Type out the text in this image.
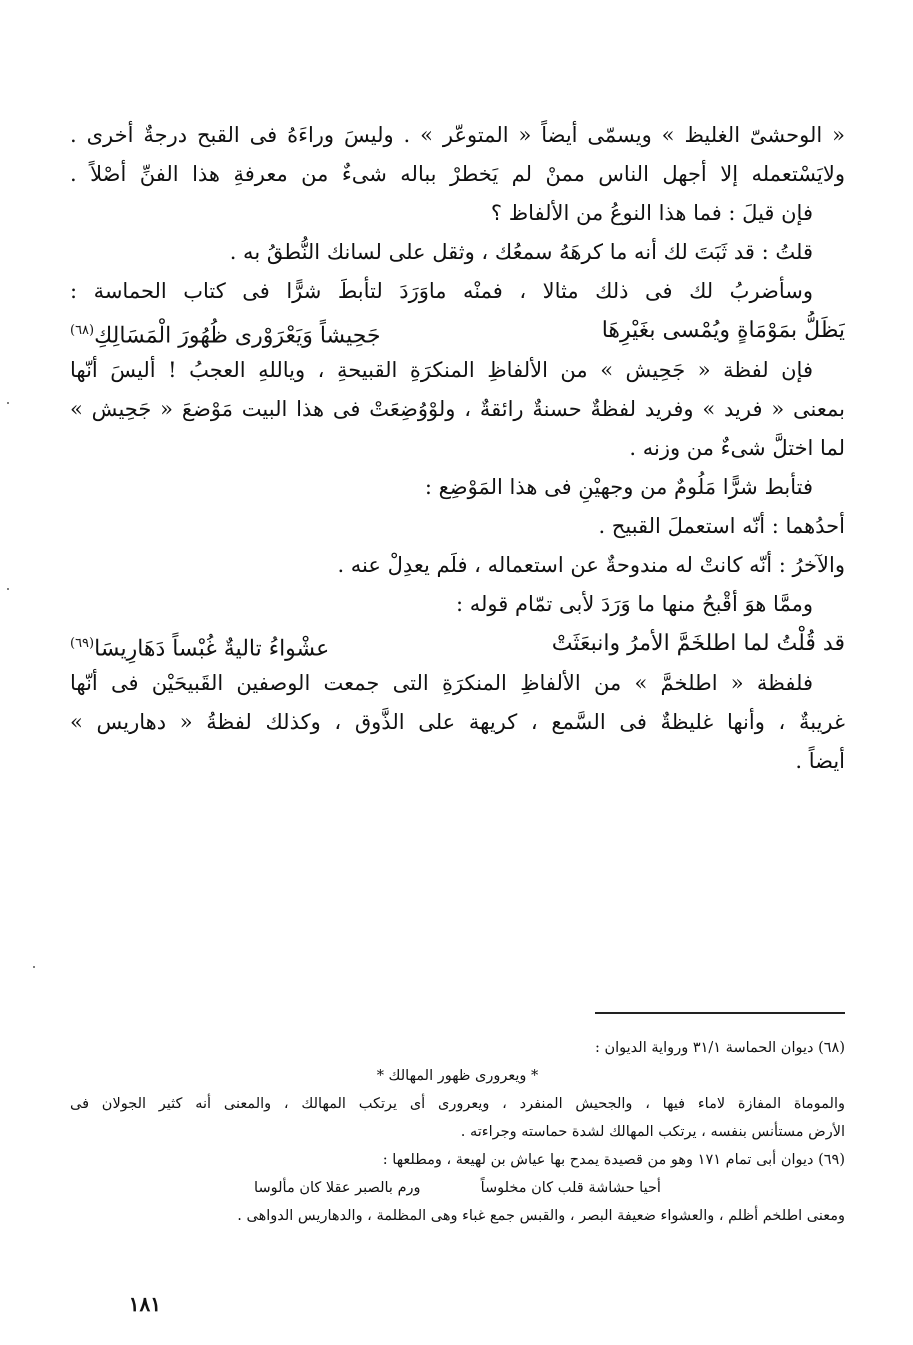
« الوحشىّ الغليظ » ويسمّى أيضاً « المتوعّر » . وليسَ وراءَهُ فى القبح درجةٌ أخرى .
ولايَسْتعمله إلا أجهل الناس ممنْ لم يَخطرْ بباله شىءٌ من معرفةِ هذا الفنِّ أصْلاً .
فإن قيلَ : فما هذا النوعُ من الألفاظ ؟
قلتُ : قد ثَبَتَ لك أنه ما كرهَهُ سمعُك ، وثقل على لسانك النُّطقُ به .
وسأضربُ لك فى ذلك مثالا ، فمنْه ماوَرَدَ لتأبطَ شرًّا فى كتاب الحماسة :
يَظَلُّ بمَوْمَاةٍ ويُمْسى بغَيْرِهَا
جَحِيشاً وَيَعْرَوْرى ظُهُورَ الْمَسَالِكِ$^{(٦٨)}$
فإن لفظة « جَحِيش » من الألفاظِ المنكرَةِ القبيحةِ ، وياللهِ العجبُ ! أليسَ أنّها
بمعنى « فريد » وفريد لفظةٌ حسنةٌ رائقةٌ ، ولوْوُضِعَتْ فى هذا البيت مَوْضعَ « جَحِيش »
لما اختلَّ شىءٌ من وزنه .
فتأبط شرًّا مَلُومٌ من وجهيْنِ فى هذا المَوْضِع :
أحدُهما : أنّه استعملَ القبيح .
والآخرُ : أنّه كانتْ له مندوحةٌ عن استعماله ، فلَم يعدِلْ عنه .
وممَّا هوَ أقْبحُ منها ما وَرَدَ لأبى تمّام قوله :
قد قُلْتُ لما اطلخَمَّ الأمرُ وانبعَثَتْ
عشْواءُ تاليةٌ غُبْساً دَهَارِيسَا$^{(٦٩)}$
فلفظة « اطلخمَّ » من الألفاظِ المنكرَةِ التى جمعت الوصفين القَبيحَيْن فى أنّها
غريبةٌ ، وأنها غليظةٌ فى السَّمع ، كريهة على الذَّوق ، وكذلك لفظةُ « دهاريس »
أيضاً .
(٦٨) ديوان الحماسة ٣١/١ ورواية الديوان :
* ويعرورى ظهور المهالك *
والموماة المفازة لاماء فيها ، والجحيش المنفرد ، ويعرورى أى يرتكب المهالك ، والمعنى أنه كثير الجولان فى
الأرض مستأنس بنفسه ، يرتكب المهالك لشدة حماسته وجراءته .
(٦٩) ديوان أبى تمام ١٧١ وهو من قصيدة يمدح بها عياش بن لهيعة ، ومطلعها :
أحيا حشاشة قلب كان مخلوساً
ورم بالصبر عقلا كان مألوسا
ومعنى اطلخم أظلم ، والعشواء ضعيفة البصر ، والقبس جمع غباء وهى المظلمة ، والدهاريس الدواهى .
١٨١
